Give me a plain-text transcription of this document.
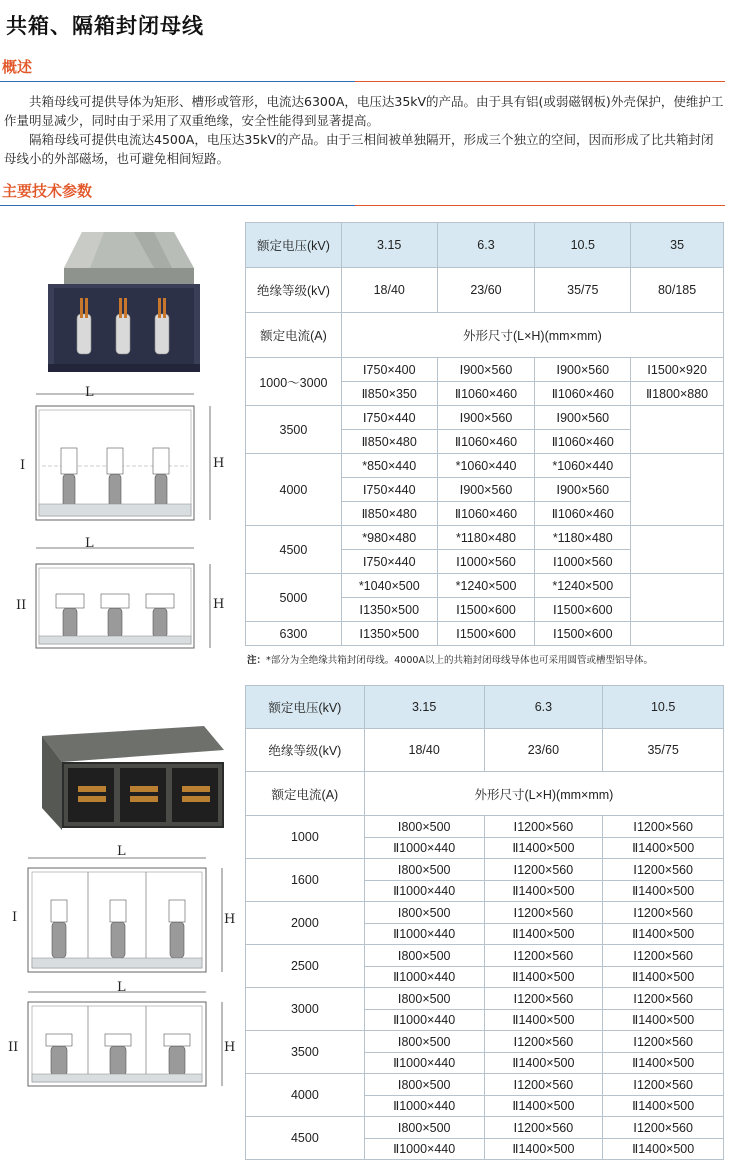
共箱、隔箱封闭母线
概述

共箱母线可提供导体为矩形、槽形或管形，电流达6300A，电压达35kV的产品。由于具有铝(或弱磁钢板)外壳保护，使维护工作量明显减少，同时由于采用了双重绝缘，安全性能得到显著提高。

隔箱母线可提供电流达4500A，电压达35kV的产品。由于三相间被单独隔开，形成三个独立的空间，因而形成了比共箱封闭母线小的外部磁场，也可避免相间短路。

主要技术参数
L
H
I
L
H
II
额定电压(kV)	3.15	6.3	10.5	35
绝缘等级(kV)	18/40	23/60	35/75	80/185
额定电流(A)	外形尺寸(L×H)(mm×mm)			
1000～3000	Ⅰ750×400	Ⅰ900×560	Ⅰ900×560	Ⅰ1500×920
	Ⅱ850×350	Ⅱ1060×460	Ⅱ1060×460	Ⅱ1800×880
3500	Ⅰ750×440	Ⅰ900×560	Ⅰ900×560	
	Ⅱ850×480	Ⅱ1060×460	Ⅱ1060×460	
4000	*850×440	*1060×440	*1060×440	
	Ⅰ750×440	Ⅰ900×560	Ⅰ900×560	
	Ⅱ850×480	Ⅱ1060×460	Ⅱ1060×460	
4500	*980×480	*1180×480	*1180×480	
	Ⅰ750×440	Ⅰ1000×560	Ⅰ1000×560	
5000	*1040×500	*1240×500	*1240×500	
	Ⅰ1350×500	Ⅰ1500×600	Ⅰ1500×600	
6300	Ⅰ1350×500	Ⅰ1500×600	Ⅰ1500×600	
注：*部分为全绝缘共箱封闭母线。4000A以上的共箱封闭母线导体也可采用圆管或槽型铝导体。
L
H
I
L
H
II
额定电压(kV)	3.15	6.3	10.5
绝缘等级(kV)	18/40	23/60	35/75
额定电流(A)	外形尺寸(L×H)(mm×mm)		
1000	Ⅰ800×500	Ⅰ1200×560	Ⅰ1200×560
	Ⅱ1000×440	Ⅱ1400×500	Ⅱ1400×500
1600	Ⅰ800×500	Ⅰ1200×560	Ⅰ1200×560
	Ⅱ1000×440	Ⅱ1400×500	Ⅱ1400×500
2000	Ⅰ800×500	Ⅰ1200×560	Ⅰ1200×560
	Ⅱ1000×440	Ⅱ1400×500	Ⅱ1400×500
2500	Ⅰ800×500	Ⅰ1200×560	Ⅰ1200×560
	Ⅱ1000×440	Ⅱ1400×500	Ⅱ1400×500
3000	Ⅰ800×500	Ⅰ1200×560	Ⅰ1200×560
	Ⅱ1000×440	Ⅱ1400×500	Ⅱ1400×500
3500	Ⅰ800×500	Ⅰ1200×560	Ⅰ1200×560
	Ⅱ1000×440	Ⅱ1400×500	Ⅱ1400×500
4000	Ⅰ800×500	Ⅰ1200×560	Ⅰ1200×560
	Ⅱ1000×440	Ⅱ1400×500	Ⅱ1400×500
4500	Ⅰ800×500	Ⅰ1200×560	Ⅰ1200×560
	Ⅱ1000×440	Ⅱ1400×500	Ⅱ1400×500
